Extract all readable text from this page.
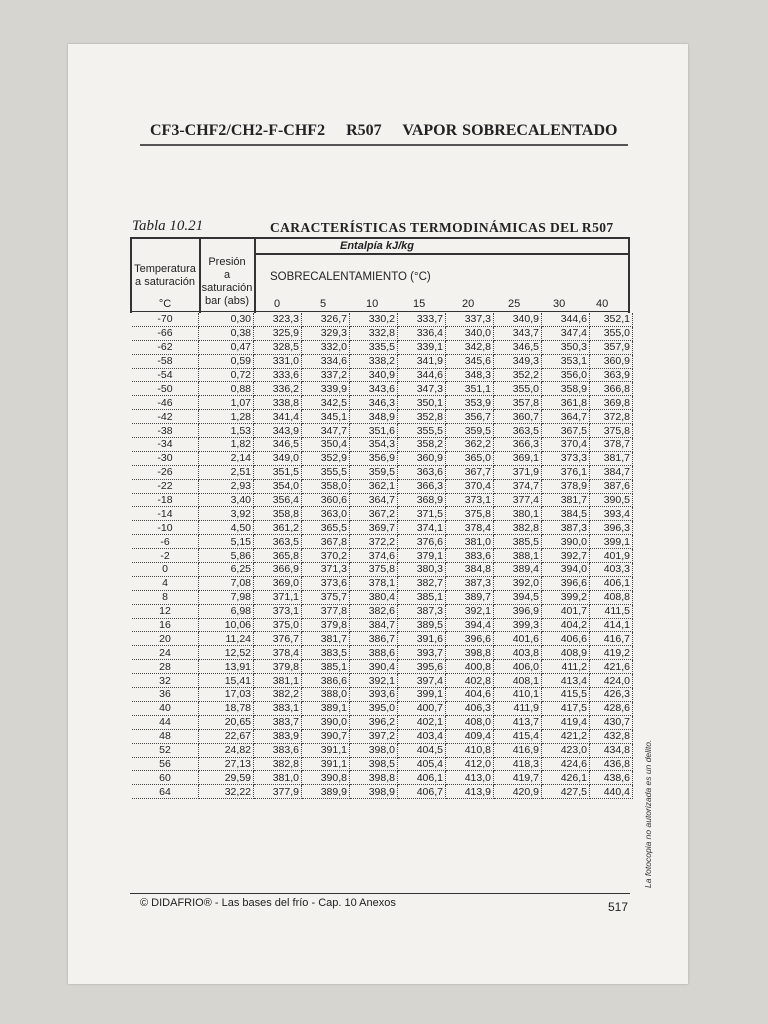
CF3-CHF2/CH2-F-CHF2 R507 VAPOR SOBRECALENTADO
Tabla 10.21	CARACTERÍSTICAS TERMODINÁMICAS DEL R507
Entalpía kJ/kg
Temperatura
a saturación
°C
Presión
a
saturación
bar (abs)
SOBRECALENTAMIENTO (°C)
0	5	10	15	20	25	30	40
-70	0,30	323,3	326,7	330,2	333,7	337,3	340,9	344,6	352,1
-66	0,38	325,9	329,3	332,8	336,4	340,0	343,7	347,4	355,0
-62	0,47	328,5	332,0	335,5	339,1	342,8	346,5	350,3	357,9
-58	0,59	331,0	334,6	338,2	341,9	345,6	349,3	353,1	360,9
-54	0,72	333,6	337,2	340,9	344,6	348,3	352,2	356,0	363,9
-50	0,88	336,2	339,9	343,6	347,3	351,1	355,0	358,9	366,8
-46	1,07	338,8	342,5	346,3	350,1	353,9	357,8	361,8	369,8
-42	1,28	341,4	345,1	348,9	352,8	356,7	360,7	364,7	372,8
-38	1,53	343,9	347,7	351,6	355,5	359,5	363,5	367,5	375,8
-34	1,82	346,5	350,4	354,3	358,2	362,2	366,3	370,4	378,7
-30	2,14	349,0	352,9	356,9	360,9	365,0	369,1	373,3	381,7
-26	2,51	351,5	355,5	359,5	363,6	367,7	371,9	376,1	384,7
-22	2,93	354,0	358,0	362,1	366,3	370,4	374,7	378,9	387,6
-18	3,40	356,4	360,6	364,7	368,9	373,1	377,4	381,7	390,5
-14	3,92	358,8	363,0	367,2	371,5	375,8	380,1	384,5	393,4
-10	4,50	361,2	365,5	369,7	374,1	378,4	382,8	387,3	396,3
-6	5,15	363,5	367,8	372,2	376,6	381,0	385,5	390,0	399,1
-2	5,86	365,8	370,2	374,6	379,1	383,6	388,1	392,7	401,9
0	6,25	366,9	371,3	375,8	380,3	384,8	389,4	394,0	403,3
4	7,08	369,0	373,6	378,1	382,7	387,3	392,0	396,6	406,1
8	7,98	371,1	375,7	380,4	385,1	389,7	394,5	399,2	408,8
12	6,98	373,1	377,8	382,6	387,3	392,1	396,9	401,7	411,5
16	10,06	375,0	379,8	384,7	389,5	394,4	399,3	404,2	414,1
20	11,24	376,7	381,7	386,7	391,6	396,6	401,6	406,6	416,7
24	12,52	378,4	383,5	388,6	393,7	398,8	403,8	408,9	419,2
28	13,91	379,8	385,1	390,4	395,6	400,8	406,0	411,2	421,6
32	15,41	381,1	386,6	392,1	397,4	402,8	408,1	413,4	424,0
36	17,03	382,2	388,0	393,6	399,1	404,6	410,1	415,5	426,3
40	18,78	383,1	389,1	395,0	400,7	406,3	411,9	417,5	428,6
44	20,65	383,7	390,0	396,2	402,1	408,0	413,7	419,4	430,7
48	22,67	383,9	390,7	397,2	403,4	409,4	415,4	421,2	432,8
52	24,82	383,6	391,1	398,0	404,5	410,8	416,9	423,0	434,8
56	27,13	382,8	391,1	398,5	405,4	412,0	418,3	424,6	436,8
60	29,59	381,0	390,8	398,8	406,1	413,0	419,7	426,1	438,6
64	32,22	377,9	389,9	398,9	406,7	413,9	420,9	427,5	440,4
© DIDAFRIO® - Las bases del frío - Cap. 10 Anexos	517
La fotocopia no autorizada es un delito.
